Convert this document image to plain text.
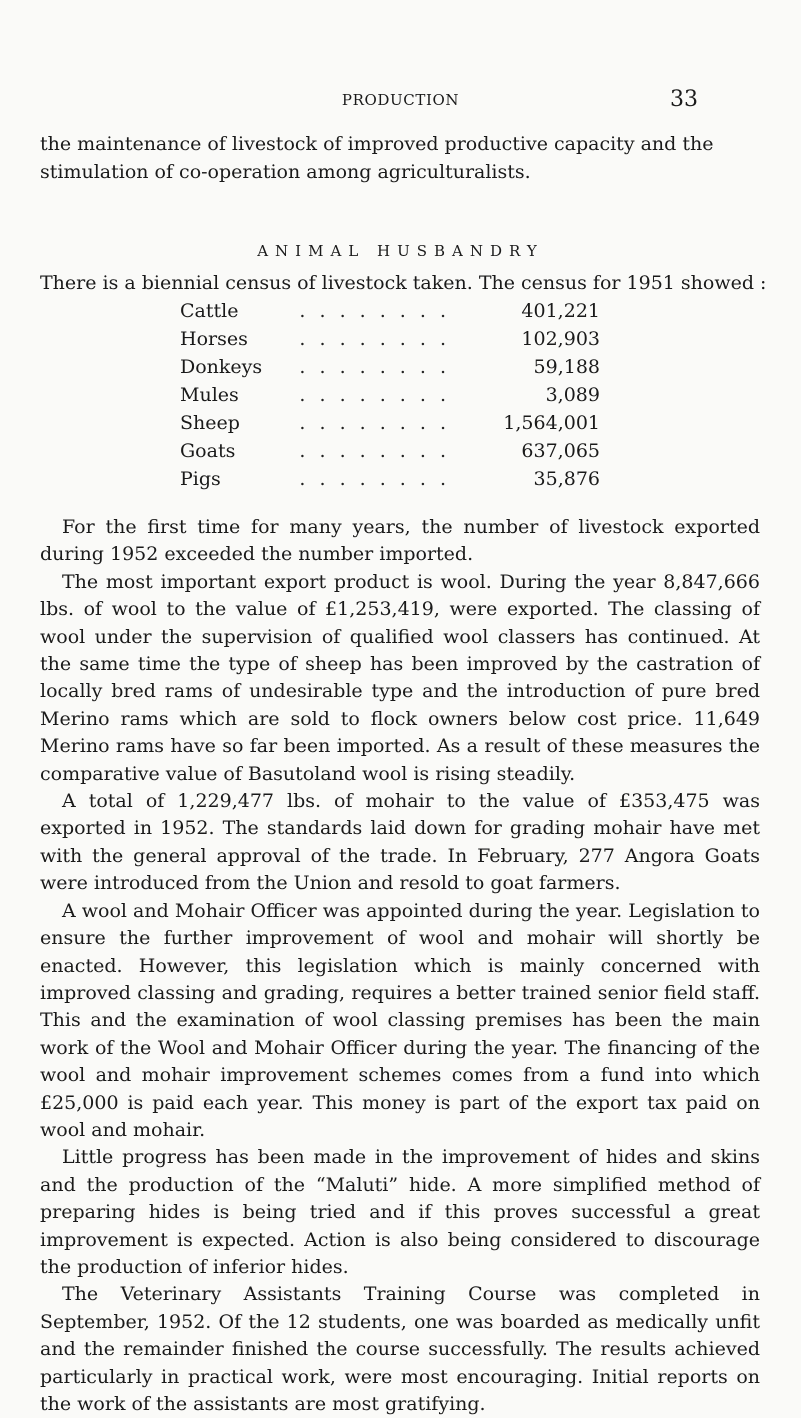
PRODUCTION	33

the maintenance of livestock of improved productive capacity and the stimulation of co-operation among agriculturalists.

ANIMAL HUSBANDRY

There is a biennial census of livestock taken. The census for 1951 showed :

Cattle	. . . . . . . .	401,221
Horses	. . . . . . . .	102,903
Donkeys	. . . . . . . .	59,188
Mules	. . . . . . . .	3,089
Sheep	. . . . . . . .	1,564,001
Goats	. . . . . . . .	637,065
Pigs	. . . . . . . .	35,876

For the first time for many years, the number of livestock exported during 1952 exceeded the number imported.

The most important export product is wool. During the year 8,847,666 lbs. of wool to the value of £1,253,419, were exported. The classing of wool under the supervision of qualified wool classers has continued. At the same time the type of sheep has been improved by the castration of locally bred rams of undesirable type and the introduction of pure bred Merino rams which are sold to flock owners below cost price. 11,649 Merino rams have so far been imported. As a result of these measures the comparative value of Basutoland wool is rising steadily.

A total of 1,229,477 lbs. of mohair to the value of £353,475 was exported in 1952. The standards laid down for grading mohair have met with the general approval of the trade. In February, 277 Angora Goats were introduced from the Union and resold to goat farmers.

A wool and Mohair Officer was appointed during the year. Legislation to ensure the further improvement of wool and mohair will shortly be enacted. However, this legislation which is mainly concerned with improved classing and grading, requires a better trained senior field staff. This and the examination of wool classing premises has been the main work of the Wool and Mohair Officer during the year. The financing of the wool and mohair improvement schemes comes from a fund into which £25,000 is paid each year. This money is part of the export tax paid on wool and mohair.

Little progress has been made in the improvement of hides and skins and the production of the “Maluti” hide. A more simplified method of preparing hides is being tried and if this proves successful a great improvement is expected. Action is also being considered to discourage the production of inferior hides.

The Veterinary Assistants Training Course was completed in September, 1952. Of the 12 students, one was boarded as medically unfit and the remainder finished the course successfully. The results achieved particularly in practical work, were most encouraging. Initial reports on the work of the assistants are most gratifying.
